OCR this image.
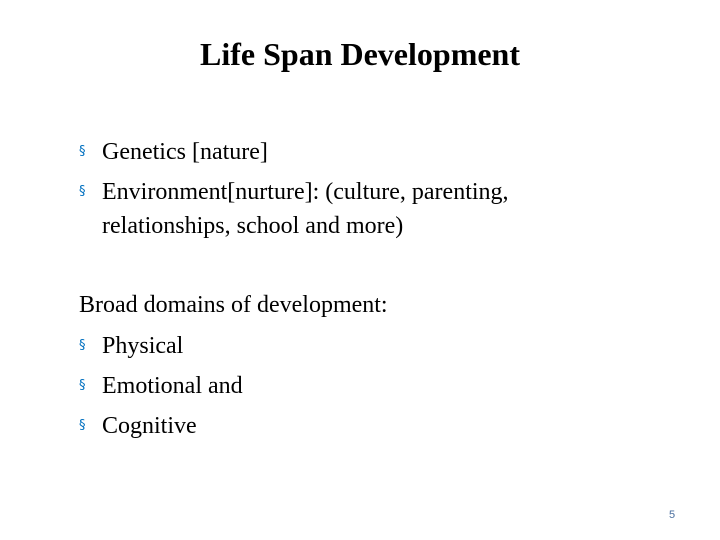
Life Span Development
§ Genetics [nature]
§ Environment[nurture]: (culture, parenting,
relationships, school and more)
Broad domains of development:
§ Physical
§ Emotional and
§ Cognitive
5
